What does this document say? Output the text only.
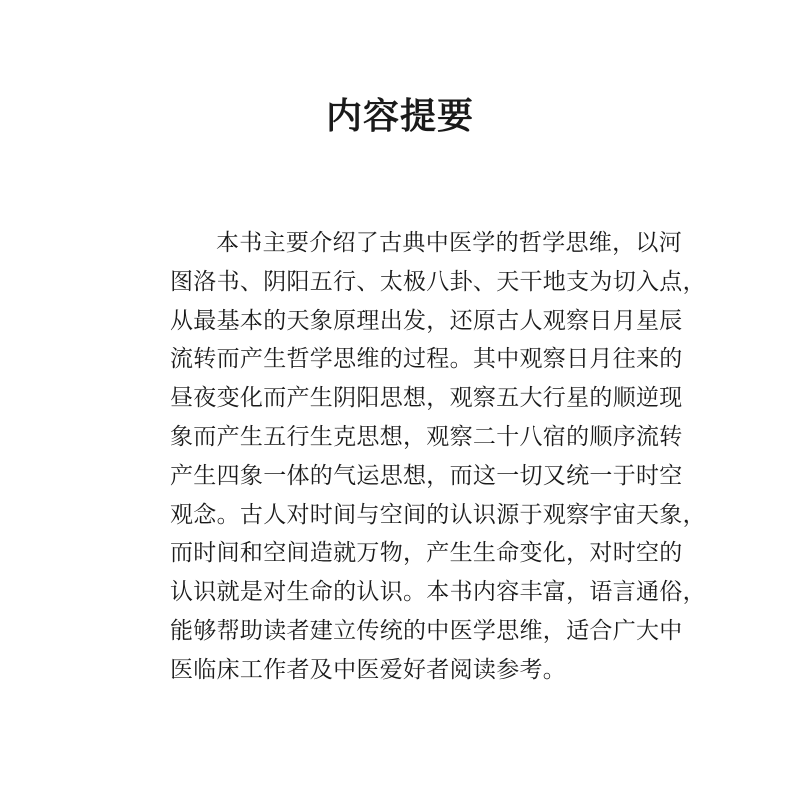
内容提要
本书主要介绍了古典中医学的哲学思维，以河
图洛书、阴阳五行、太极八卦、天干地支为切入点，
从最基本的天象原理出发，还原古人观察日月星辰
流转而产生哲学思维的过程。其中观察日月往来的
昼夜变化而产生阴阳思想，观察五大行星的顺逆现
象而产生五行生克思想，观察二十八宿的顺序流转
产生四象一体的气运思想，而这一切又统一于时空
观念。古人对时间与空间的认识源于观察宇宙天象，
而时间和空间造就万物，产生生命变化，对时空的
认识就是对生命的认识。本书内容丰富，语言通俗，
能够帮助读者建立传统的中医学思维，适合广大中
医临床工作者及中医爱好者阅读参考。
